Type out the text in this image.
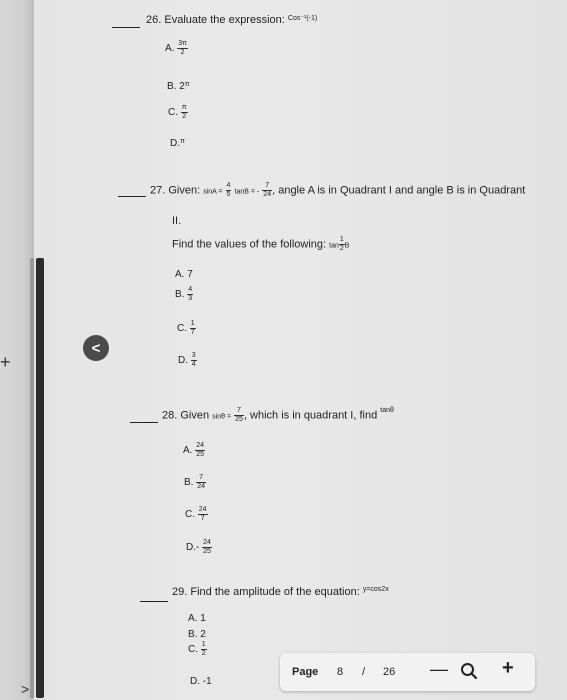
26. Evaluate the expression: $^{Cos^{-1}(-1)}$
A. $\frac{3\pi}{2}$
B. $2^\pi$
C. $\frac{\pi}{2}$
D.$^\pi$
27. Given: $\sin A = \frac{4}{5}$ tanB = - $\frac{7}{24}$ , angle A is in Quadrant I and angle B is in Quadrant
II.
Find the values of the following: $\tan \frac{1}{2}$ B
A. 7
B. $\frac{4}{3}$
C. $\frac{1}{7}$
D. $\frac{3}{4}$
28. Given $\sin\theta = \frac{7}{25}$ , which is in quadrant I, find $^{tan\theta}$
A. $\frac{24}{25}$
B. $\frac{7}{24}$
C. $\frac{24}{7}$
$D.- \frac{24}{25}$
29. Find the amplitude of the equation: $^{y=cos2x}$
A. 1
B. 2
C. $\frac{1}{2}$
D. -1
<
+
>
Page 8 / 26 —	+
